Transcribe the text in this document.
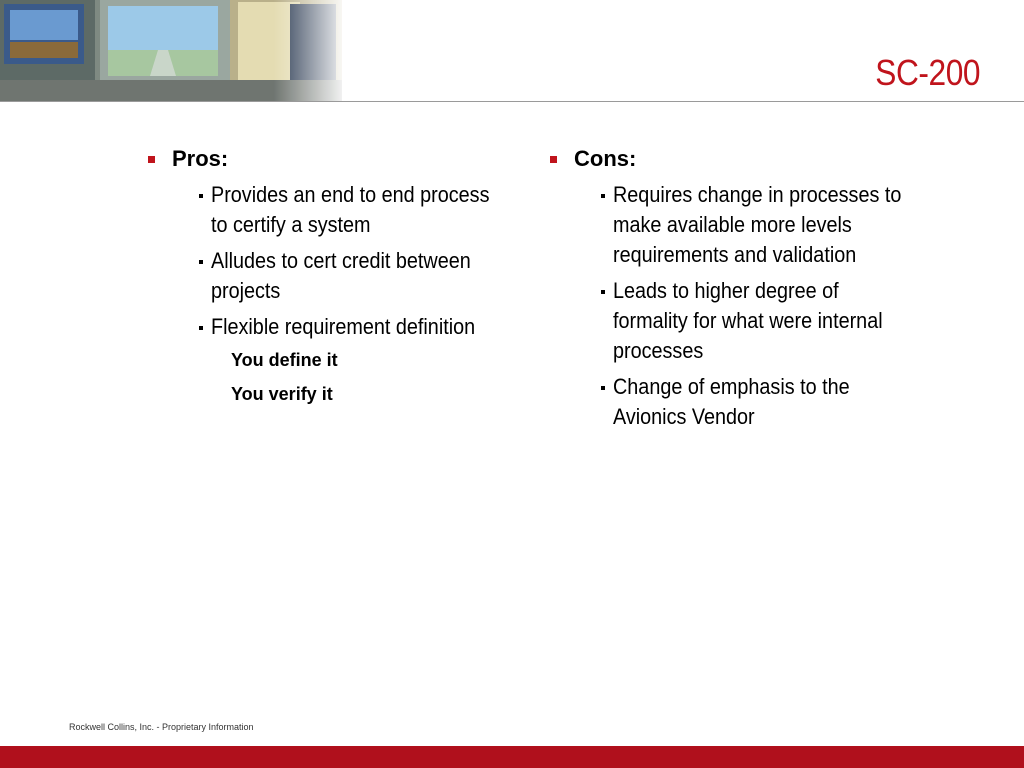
SC-200
Pros:
Provides an end to end process to certify a system
Alludes to cert credit between projects
Flexible requirement definition
You define it
You verify it
Cons:
Requires change in processes to make available more levels requirements and validation
Leads to higher degree of formality for what were internal processes
Change of emphasis to the Avionics Vendor
Rockwell Collins, Inc. - Proprietary Information
